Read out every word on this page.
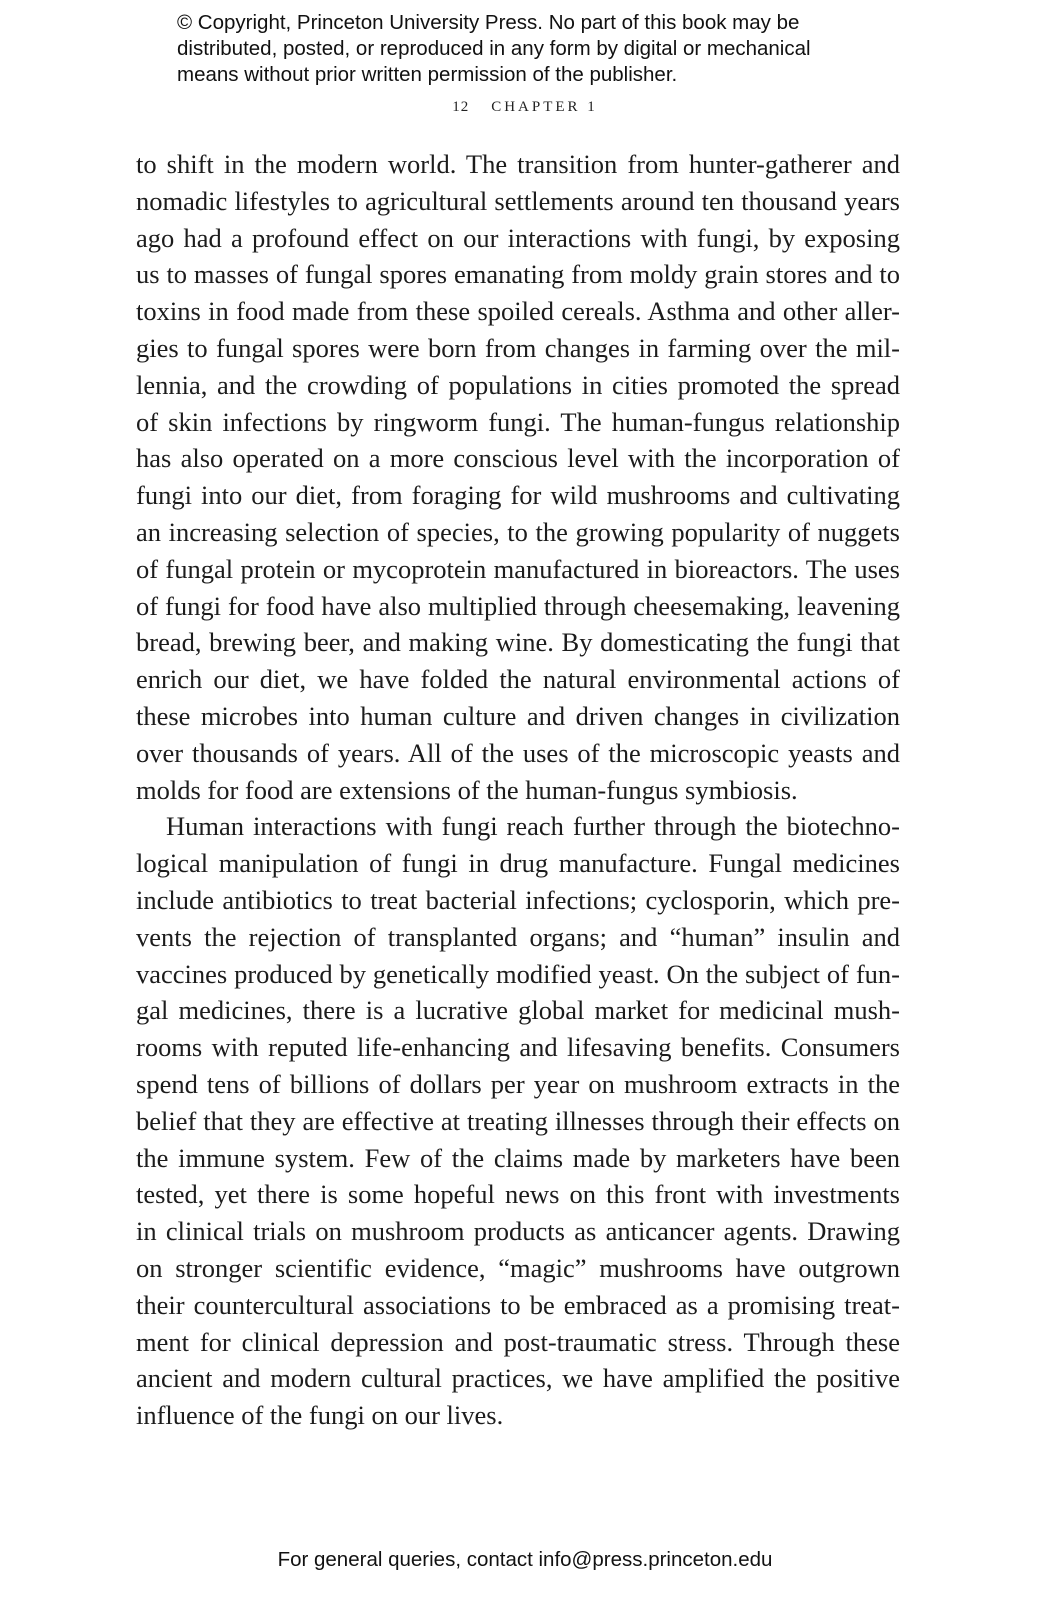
© Copyright, Princeton University Press. No part of this book may be
distributed, posted, or reproduced in any form by digital or mechanical
means without prior written permission of the publisher.
12 CHAPTER 1
to shift in the modern world. The transition from hunter-gatherer and
nomadic lifestyles to agricultural settlements around ten thousand years
ago had a profound effect on our interactions with fungi, by exposing
us to masses of fungal spores emanating from moldy grain stores and to
toxins in food made from these spoiled cereals. Asthma and other aller-
gies to fungal spores were born from changes in farming over the mil-
lennia, and the crowding of populations in cities promoted the spread
of skin infections by ringworm fungi. The human-fungus relationship
has also operated on a more conscious level with the incorporation of
fungi into our diet, from foraging for wild mushrooms and cultivating
an increasing selection of species, to the growing popularity of nuggets
of fungal protein or mycoprotein manufactured in bioreactors. The uses
of fungi for food have also multiplied through cheesemaking, leavening
bread, brewing beer, and making wine. By domesticating the fungi that
enrich our diet, we have folded the natural environmental actions of
these microbes into human culture and driven changes in civilization
over thousands of years. All of the uses of the microscopic yeasts and
molds for food are extensions of the human-fungus symbiosis.
Human interactions with fungi reach further through the biotechno-
logical manipulation of fungi in drug manufacture. Fungal medicines
include antibiotics to treat bacterial infections; cyclosporin, which pre-
vents the rejection of transplanted organs; and “human” insulin and
vaccines produced by genetically modified yeast. On the subject of fun-
gal medicines, there is a lucrative global market for medicinal mush-
rooms with reputed life-enhancing and lifesaving benefits. Consumers
spend tens of billions of dollars per year on mushroom extracts in the
belief that they are effective at treating illnesses through their effects on
the immune system. Few of the claims made by marketers have been
tested, yet there is some hopeful news on this front with investments
in clinical trials on mushroom products as anticancer agents. Drawing
on stronger scientific evidence, “magic” mushrooms have outgrown
their countercultural associations to be embraced as a promising treat-
ment for clinical depression and post-traumatic stress. Through these
ancient and modern cultural practices, we have amplified the positive
influence of the fungi on our lives.
For general queries, contact info@press.princeton.edu
